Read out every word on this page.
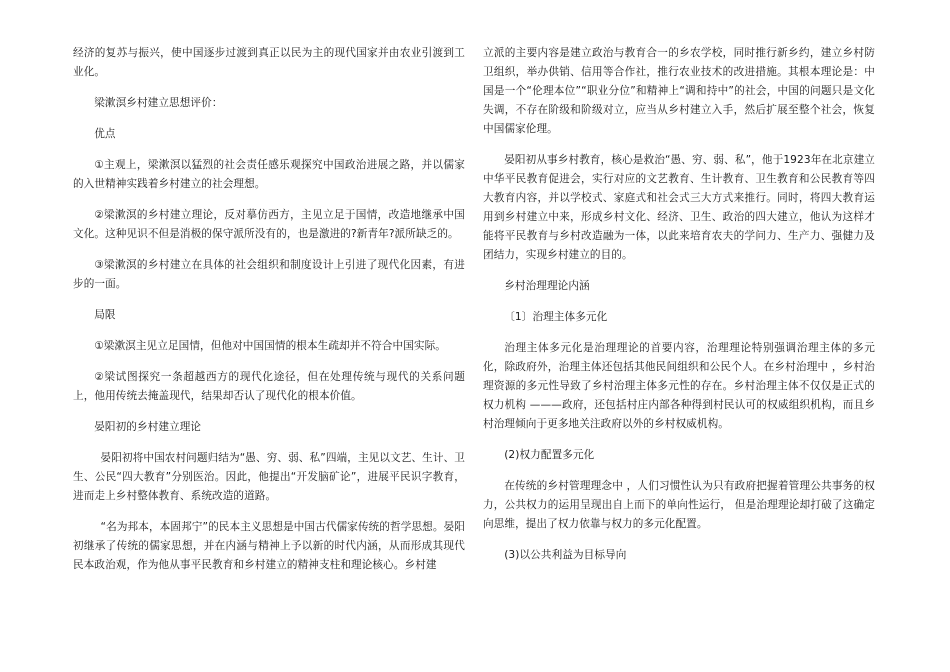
经济的复苏与振兴，使中国逐步过渡到真正以民为主的现代国家并由农业引渡到工业化。

梁漱溟乡村建立思想评价：

优点

①主观上，梁漱溟以猛烈的社会责任感乐观探究中国政治进展之路，并以儒家的入世精神实践着乡村建立的社会理想。

②梁漱溟的乡村建立理论，反对摹仿西方，主见立足于国情，改造地继承中国文化。这种见识不但是消极的保守派所没有的，也是激进的?新青年?派所缺乏的。

③梁漱溟的乡村建立在具体的社会组织和制度设计上引进了现代化因素，有进步的一面。

局限

①梁漱溟主见立足国情，但他对中国国情的根本生疏却并不符合中国实际。

②梁试图探究一条超越西方的现代化途径，但在处理传统与现代的关系问题上，他用传统去掩盖现代，结果却否认了现代化的根本价值。

晏阳初的乡村建立理论

晏阳初将中国农村问题归结为“愚、穷、弱、私”四端，主见以文艺、生计、卫生、公民“四大教育”分别医治。因此，他提出“开发脑矿论”，进展平民识字教育，进而走上乡村整体教育、系统改造的道路。

“名为邦本，本固邦宁”的民本主义思想是中国古代儒家传统的哲学思想。晏阳初继承了传统的儒家思想，并在内涵与精神上予以新的时代内涵，从而形成其现代民本政治观，作为他从事平民教育和乡村建立的精神支柱和理论核心。乡村建

立派的主要内容是建立政治与教育合一的乡农学校，同时推行新乡约，建立乡村防卫组织，举办供销、信用等合作社，推行农业技术的改进措施。其根本理论是：中国是一个“伦理本位”“职业分位”和精神上“调和持中”的社会，中国的问题只是文化失调，不存在阶级和阶级对立，应当从乡村建立入手，然后扩展至整个社会，恢复中国儒家伦理。

晏阳初从事乡村教育，核心是救治“愚、穷、弱、私”，他于1923年在北京建立中华平民教育促进会，实行对应的文艺教育、生计教育、卫生教育和公民教育等四大教育内容，并以学校式、家庭式和社会式三大方式来推行。同时，将四大教育运用到乡村建立中来，形成乡村文化、经济、卫生、政治的四大建立，他认为这样才能将平民教育与乡村改造融为一体，以此来培育农夫的学问力、生产力、强健力及团结力，实现乡村建立的目的。

乡村治理理论内涵

〔1〕治理主体多元化

治理主体多元化是治理理论的首要内容，治理理论特别强调治理主体的多元化，除政府外，治理主体还包括其他民间组织和公民个人。在乡村治理中 ，乡村治理资源的多元性导致了乡村治理主体多元性的存在。乡村治理主体不仅仅是正式的权力机构 ———政府，还包括村庄内部各种得到村民认可的权威组织机构，而且乡村治理倾向于更多地关注政府以外的乡村权威机构。

(2)权力配置多元化

在传统的乡村管理理念中 ，人们习惯性认为只有政府把握着管理公共事务的权力，公共权力的运用呈现出自上而下的单向性运行， 但是治理理论却打破了这确定向思维，提出了权力依靠与权力的多元化配置。

(3)以公共利益为目标导向
